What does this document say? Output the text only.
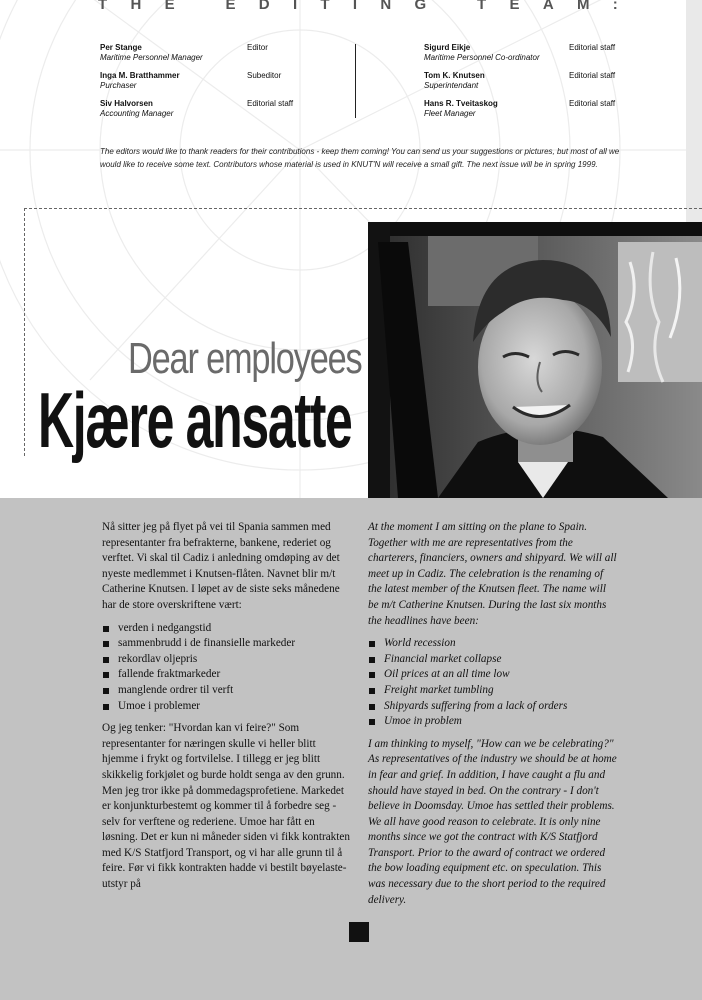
T H E
	E D I T I N G
	T E A M :
Per Stange
Maritime Personnel Manager
Editor
Inga M. Bratthammer
Purchaser
Subeditor
Siv Halvorsen
Accounting Manager
Editorial staff
Sigurd Eikje
Maritime Personnel Co-ordinator
Editorial staff
Tom K. Knutsen
Superintendant
Editorial staff
Hans R. Tveitaskog
Fleet Manager
Editorial staff
The editors would like to thank readers for their contributions - keep them coming! You can send us your suggestions or pictures, but most of all we would like to receive some text. Contributors whose material is used in KNUT'N will receive a small gift. The next issue will be in spring 1999.
Dear employees
Kjære ansatte

Nå sitter jeg på flyet på vei til Spania sammen med representanter fra befrakterne, bankene, rederiet og verftet. Vi skal til Cadiz i anledning omdøping av det nyeste medlemmet i Knutsen-flåten. Navnet blir m/t Catherine Knutsen. I løpet av de siste seks månedene har de store overskriftene vært:

verden i nedgangstid
sammenbrudd i de finansielle markeder
rekordlav oljepris
fallende fraktmarkeder
manglende ordrer til verft
Umoe i problemer

Og jeg tenker: "Hvordan kan vi feire?" Som representanter for næringen skulle vi heller blitt hjemme i frykt og fortvilelse. I tillegg er jeg blitt skikkelig forkjølet og burde holdt senga av den grunn. Men jeg tror ikke på dommedagsprofetiene. Markedet er konjunkturbestemt og kommer til å forbedre seg - selv for verftene og rederiene. Umoe har fått en løsning. Det er kun ni måneder siden vi fikk kontrakten med K/S Statfjord Transport, og vi har alle grunn til å feire. Før vi fikk kontrakten hadde vi bestilt bøyelaste-utstyr på

At the moment I am sitting on the plane to Spain. Together with me are representatives from the charterers, financiers, owners and shipyard. We will all meet up in Cadiz. The celebration is the renaming of the latest member of the Knutsen fleet. The name will be m/t Catherine Knutsen. During the last six months the headlines have been:

World recession
Financial market collapse
Oil prices at an all time low
Freight market tumbling
Shipyards suffering from a lack of orders
Umoe in problem

I am thinking to myself, "How can we be celebrating?" As representatives of the industry we should be at home in fear and grief. In addition, I have caught a flu and should have stayed in bed. On the contrary - I don't believe in Doomsday. Umoe has settled their problems. We all have good reason to celebrate. It is only nine months since we got the contract with K/S Statfjord Transport. Prior to the award of contract we ordered the bow loading equipment etc. on speculation. This was necessary due to the short period to the required delivery.
